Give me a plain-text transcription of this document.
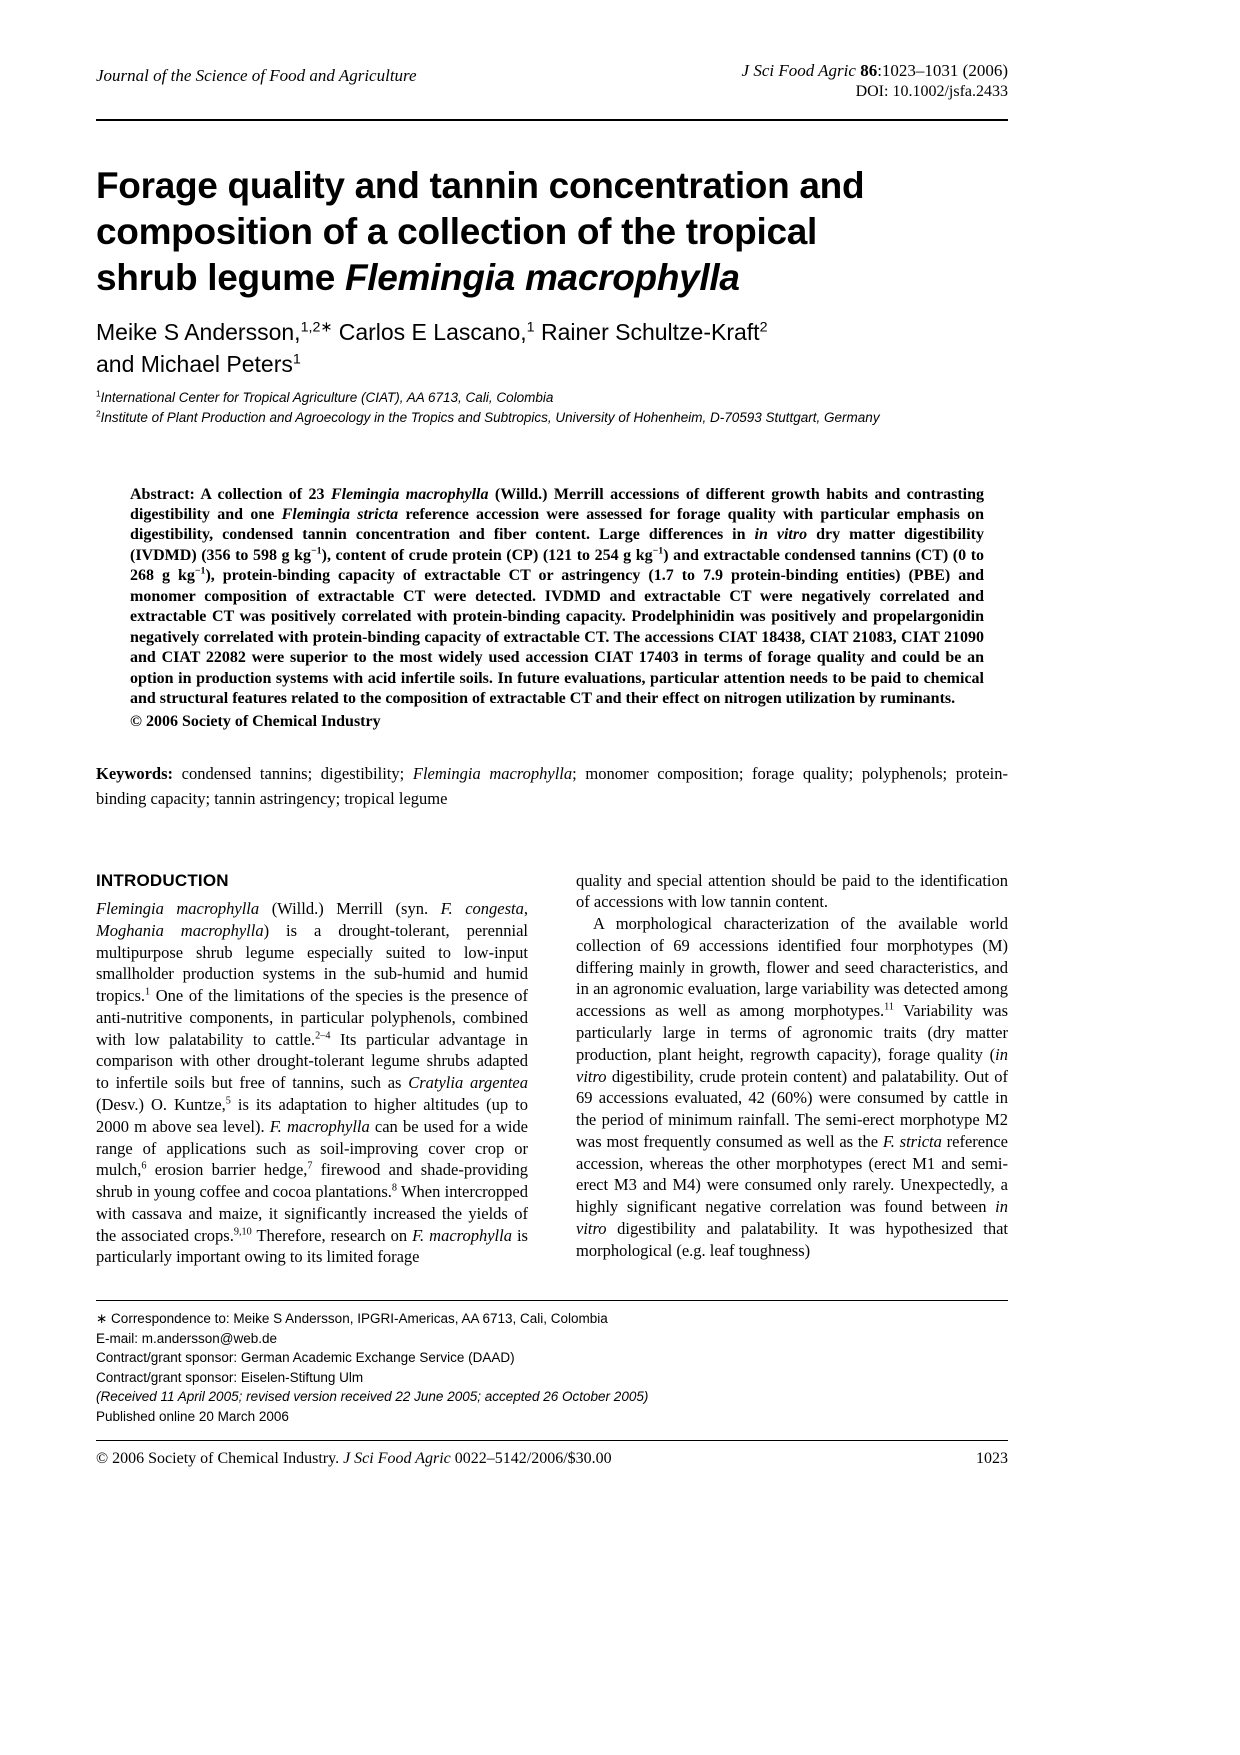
Journal of the Science of Food and Agriculture	J Sci Food Agric 86:1023–1031 (2006)
DOI: 10.1002/jsfa.2433
Forage quality and tannin concentration and
composition of a collection of the tropical
shrub legume Flemingia macrophylla
Meike S Andersson,$^{1,2∗}$ Carlos E Lascano,$^1$ Rainer Schultze-Kraft$^2$
and Michael Peters$^1$
$^1$International Center for Tropical Agriculture (CIAT), AA 6713, Cali, Colombia
$^2$Institute of Plant Production and Agroecology in the Tropics and Subtropics, University of Hohenheim, D-70593 Stuttgart, Germany

Abstract: A collection of 23 Flemingia macrophylla (Willd.) Merrill accessions of different growth habits and contrasting digestibility and one Flemingia stricta reference accession were assessed for forage quality with particular emphasis on digestibility, condensed tannin concentration and fiber content. Large differences in in vitro dry matter digestibility (IVDMD) (356 to 598 g $kg^{-1}$), content of crude protein (CP) (121 to 254 g $kg^{-1}$) and extractable condensed tannins (CT) (0 to 268 g $kg^{-1}$), protein-binding capacity of extractable CT or astringency (1.7 to 7.9 protein-binding entities) (PBE) and monomer composition of extractable CT were detected. IVDMD and extractable CT were negatively correlated and extractable CT was positively correlated with protein-binding capacity. Prodelphinidin was positively and propelargonidin negatively correlated with protein-binding capacity of extractable CT. The accessions CIAT 18438, CIAT 21083, CIAT 21090 and CIAT 22082 were superior to the most widely used accession CIAT 17403 in terms of forage quality and could be an option in production systems with acid infertile soils. In future evaluations, particular attention needs to be paid to chemical and structural features related to the composition of extractable CT and their effect on nitrogen utilization by ruminants.

© 2006 Society of Chemical Industry

Keywords: condensed tannins; digestibility; Flemingia macrophylla; monomer composition; forage quality; polyphenols; protein-binding capacity; tannin astringency; tropical legume

INTRODUCTION

Flemingia macrophylla (Willd.) Merrill (syn. F. congesta, Moghania macrophylla) is a drought-tolerant, perennial multipurpose shrub legume especially suited to low-input smallholder production systems in the sub-humid and humid tropics.$^1$ One of the limitations of the species is the presence of anti-nutritive components, in particular polyphenols, combined with low palatability to cattle.$^{2-4}$ Its particular advantage in comparison with other drought-tolerant legume shrubs adapted to infertile soils but free of tannins, such as Cratylia argentea (Desv.) O. Kuntze,$^5$ is its adaptation to higher altitudes (up to 2000 m above sea level). F. macrophylla can be used for a wide range of applications such as soil-improving cover crop or mulch,$^6$ erosion barrier hedge,$^7$ firewood and shade-providing shrub in young coffee and cocoa plantations.$^8$ When intercropped with cassava and maize, it significantly increased the yields of the associated crops.$^{9,10}$ Therefore, research on F. macrophylla is particularly important owing to its limited forage

quality and special attention should be paid to the identification of accessions with low tannin content.

A morphological characterization of the available world collection of 69 accessions identified four morphotypes (M) differing mainly in growth, flower and seed characteristics, and in an agronomic evaluation, large variability was detected among accessions as well as among morphotypes.$^{11}$ Variability was particularly large in terms of agronomic traits (dry matter production, plant height, regrowth capacity), forage quality (in vitro digestibility, crude protein content) and palatability. Out of 69 accessions evaluated, 42 (60%) were consumed by cattle in the period of minimum rainfall. The semi-erect morphotype M2 was most frequently consumed as well as the F. stricta reference accession, whereas the other morphotypes (erect M1 and semi-erect M3 and M4) were consumed only rarely. Unexpectedly, a highly significant negative correlation was found between in vitro digestibility and palatability. It was hypothesized that morphological (e.g. leaf toughness)

∗ Correspondence to: Meike S Andersson, IPGRI-Americas, AA 6713, Cali, Colombia
E-mail: m.andersson@web.de
Contract/grant sponsor: German Academic Exchange Service (DAAD)
Contract/grant sponsor: Eiselen-Stiftung Ulm
(Received 11 April 2005; revised version received 22 June 2005; accepted 26 October 2005)
Published online 20 March 2006
© 2006 Society of Chemical Industry. J Sci Food Agric 0022–5142/2006/$30.00	1023
